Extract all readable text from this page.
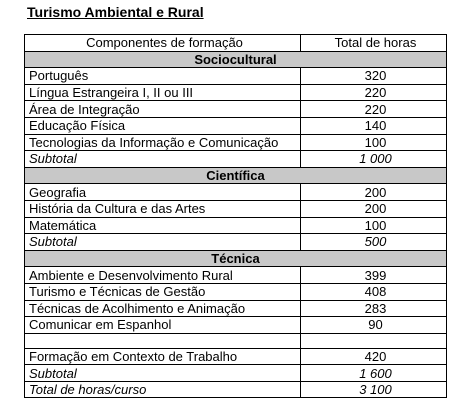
Turismo Ambiental e Rural
Componentes de formação	Total de horas
Sociocultural	
Português	320
Língua Estrangeira I, II ou III	220
Área de Integração	220
Educação Física	140
Tecnologias da Informação e Comunicação	100
Subtotal	1 000
Científica	
Geografia	200
História da Cultura e das Artes	200
Matemática	100
Subtotal	500
Técnica	
Ambiente e Desenvolvimento Rural	399
Turismo e Técnicas de Gestão	408
Técnicas de Acolhimento e Animação	283
Comunicar em Espanhol	90

Formação em Contexto de Trabalho	420
Subtotal	1 600
Total de horas/curso	3 100
